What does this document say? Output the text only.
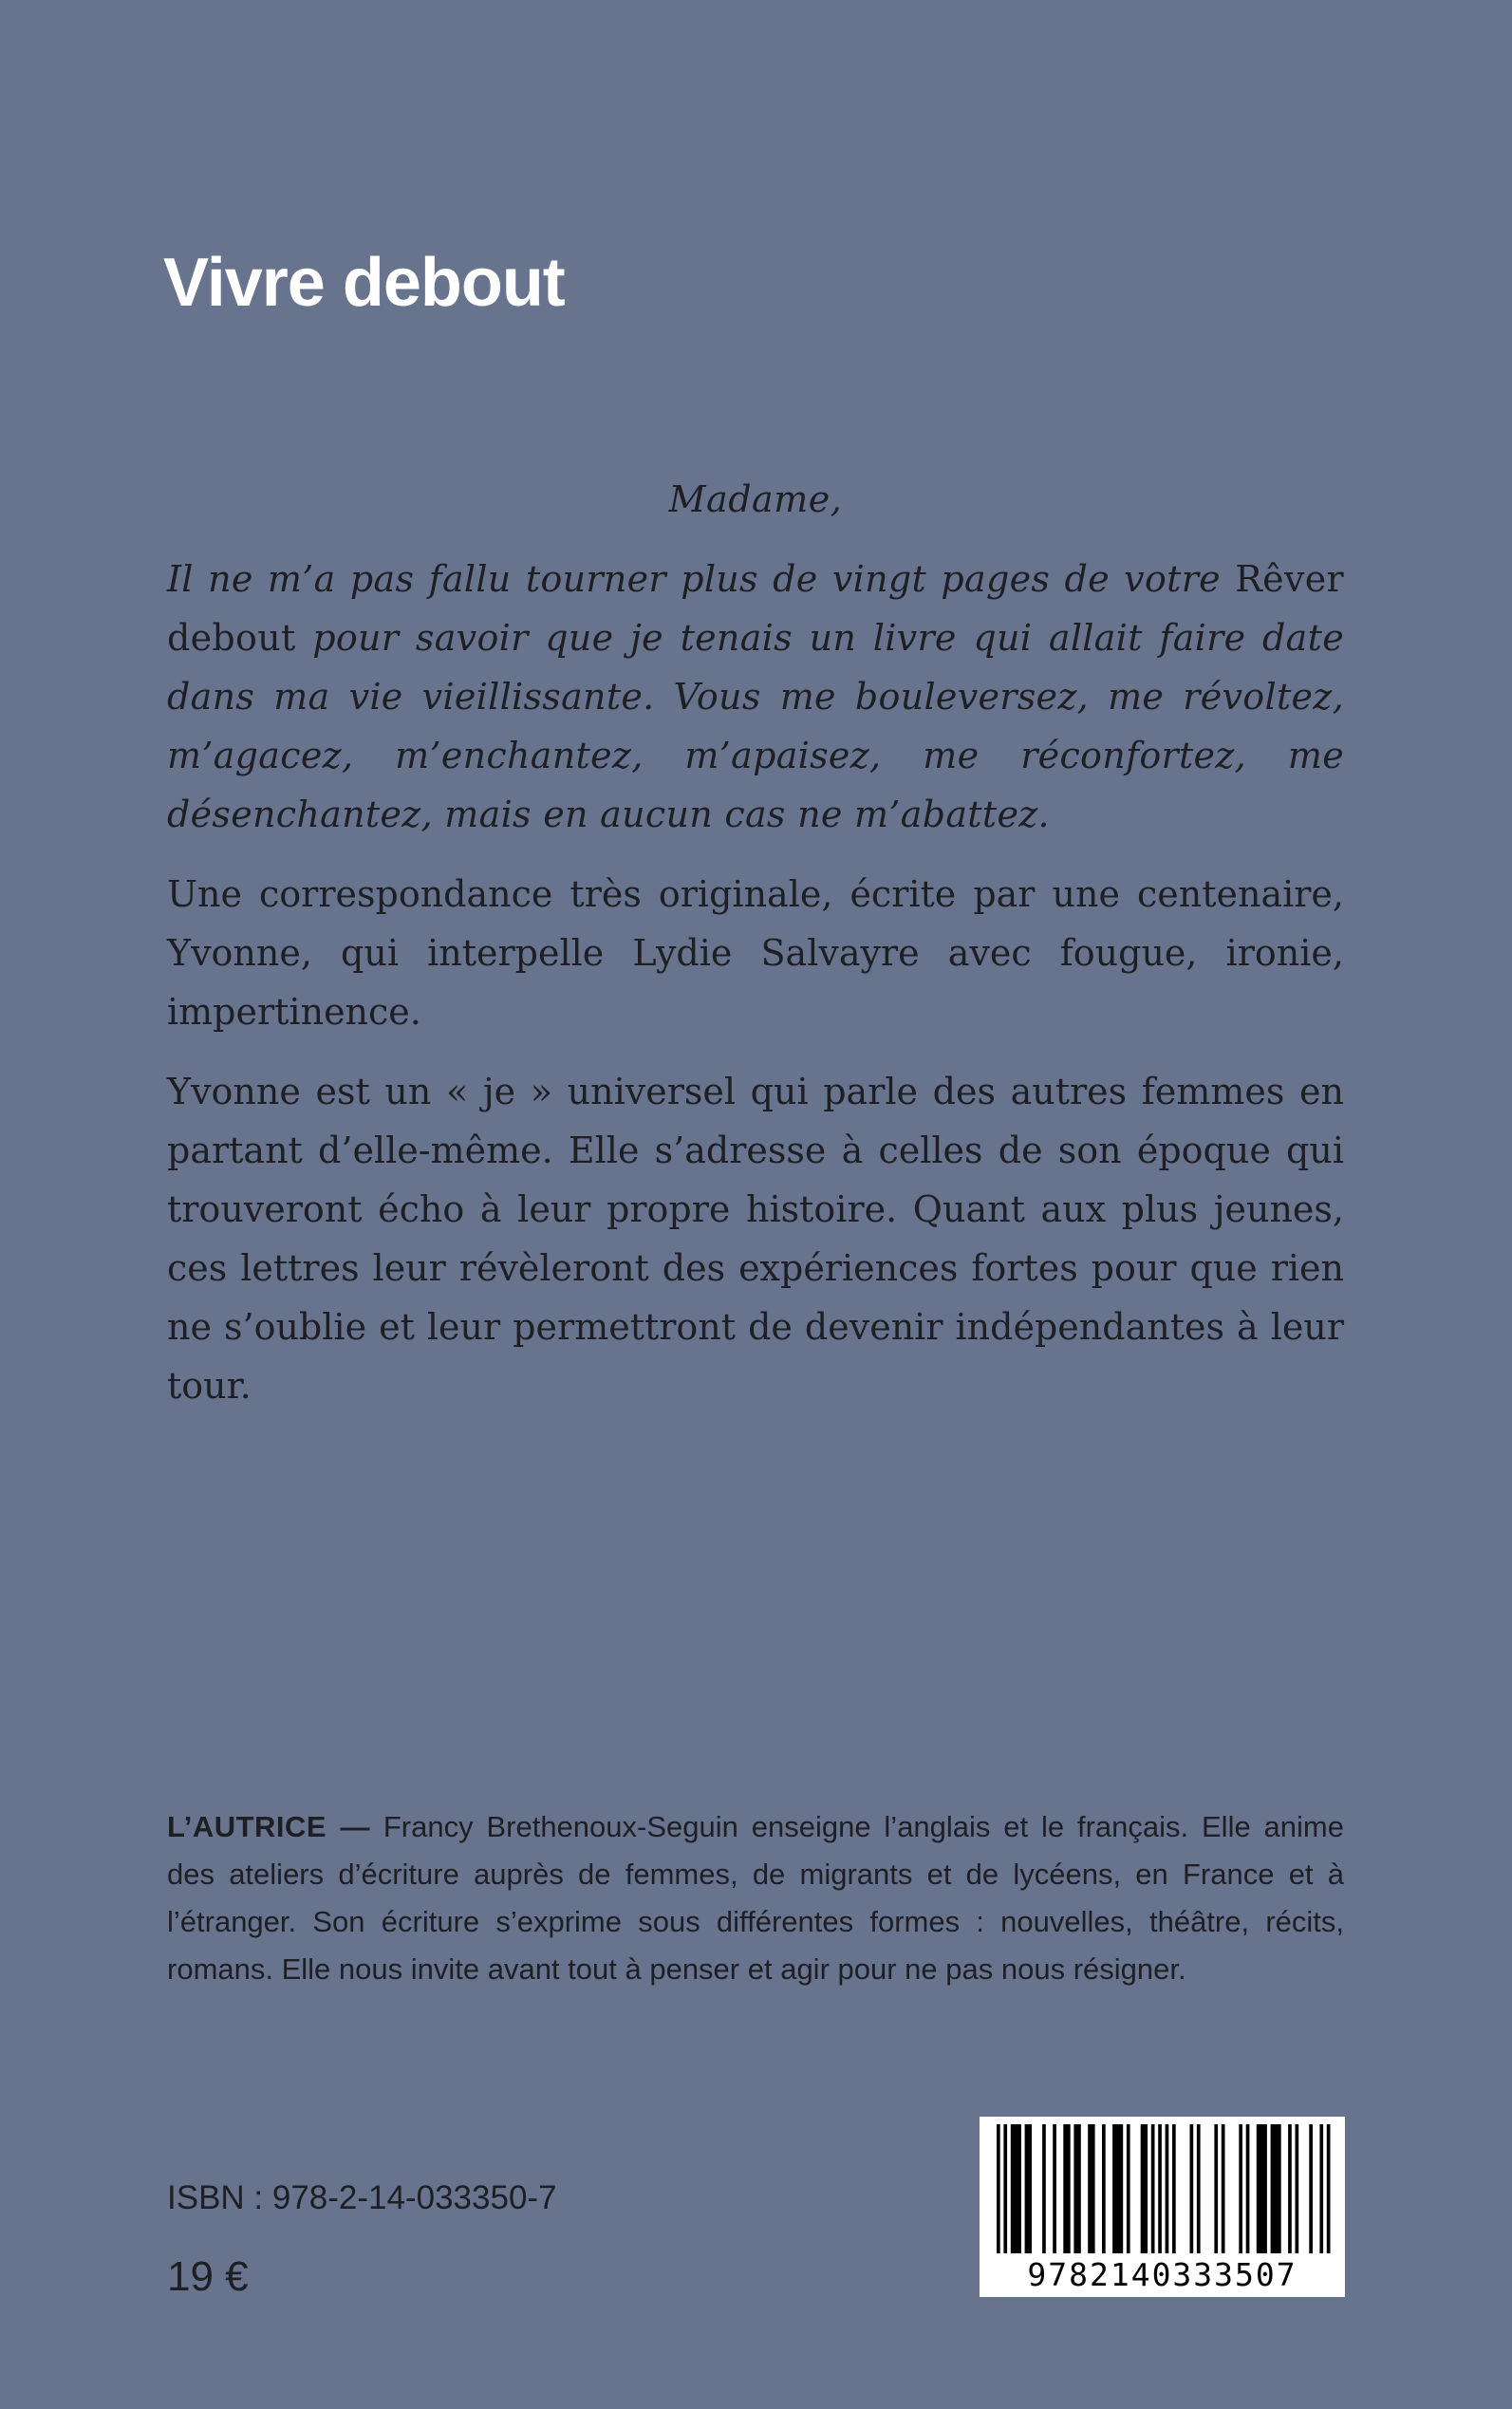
Vivre debout

Madame,

Il ne m’a pas fallu tourner plus de vingt pages de votre Rêver debout pour savoir que je tenais un livre qui allait faire date dans ma vie vieillissante. Vous me bouleversez, me révoltez, m’agacez, m’enchantez, m’apaisez, me réconfortez, me désenchantez, mais en aucun cas ne m’abattez.

Une correspondance très originale, écrite par une centenaire, Yvonne, qui interpelle Lydie Salvayre avec fougue, ironie, impertinence.

Yvonne est un « je » universel qui parle des autres femmes en partant d’elle-même. Elle s’adresse à celles de son époque qui trouveront écho à leur propre histoire. Quant aux plus jeunes, ces lettres leur révèleront des expériences fortes pour que rien ne s’oublie et leur permettront de devenir indépendantes à leur tour.

L’AUTRICE — Francy Brethenoux-Seguin enseigne l’anglais et le français. Elle anime des ateliers d’écriture auprès de femmes, de migrants et de lycéens, en France et à l’étranger. Son écriture s’exprime sous différentes formes : nouvelles, théâtre, récits, romans. Elle nous invite avant tout à penser et agir pour ne pas nous résigner.

ISBN : 978-2-14-033350-7

19 €	9782140333507
